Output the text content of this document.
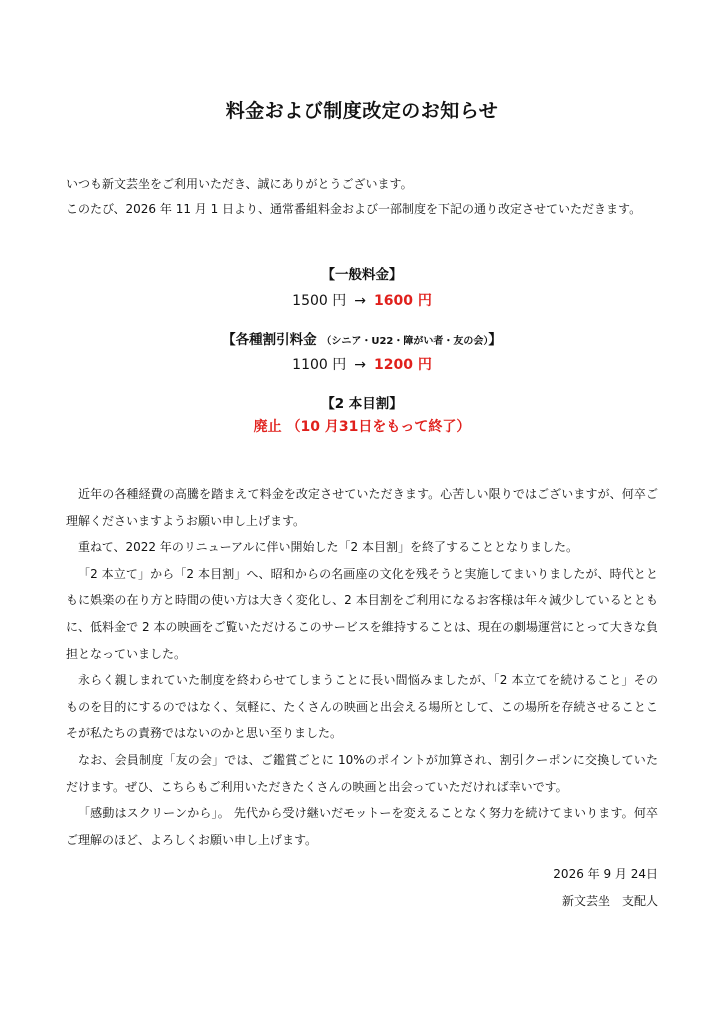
料金および制度改定のお知らせ
いつも新文芸坐をご利用いただき、誠にありがとうございます。
このたび、2026 年 11 月 1 日より、通常番組料金および一部制度を下記の通り改定させていただきます。
【一般料金】
1500 円 → 1600 円
【各種割引料金 （シニア・U22・障がい者・友の会）】
1100 円 → 1200 円
【2 本目割】
廃止 （10 月31日をもって終了）

近年の各種経費の高騰を踏まえて料金を改定させていただきます。心苦しい限りではございますが、何卒ご理解くださいますようお願い申し上げます。

重ねて、2022 年のリニューアルに伴い開始した「2 本目割」を終了することとなりました。

「2 本立て」から「2 本目割」へ、昭和からの名画座の文化を残そうと実施してまいりましたが、時代とともに娯楽の在り方と時間の使い方は大きく変化し、2 本目割をご利用になるお客様は年々減少しているとともに、低料金で 2 本の映画をご覧いただけるこのサービスを維持することは、現在の劇場運営にとって大きな負担となっていました。

永らく親しまれていた制度を終わらせてしまうことに長い間悩みましたが、「2 本立てを続けること」そのものを目的にするのではなく、気軽に、たくさんの映画と出会える場所として、この場所を存続させることこそが私たちの責務ではないのかと思い至りました。

なお、会員制度「友の会」では、ご鑑賞ごとに 10%のポイントが加算され、割引クーポンに交換していただけます。ぜひ、こちらもご利用いただきたくさんの映画と出会っていただければ幸いです。

「感動はスクリーンから」。 先代から受け継いだモットーを変えることなく努力を続けてまいります。何卒ご理解のほど、よろしくお願い申し上げます。

2026 年 9 月 24日
新文芸坐　支配人
